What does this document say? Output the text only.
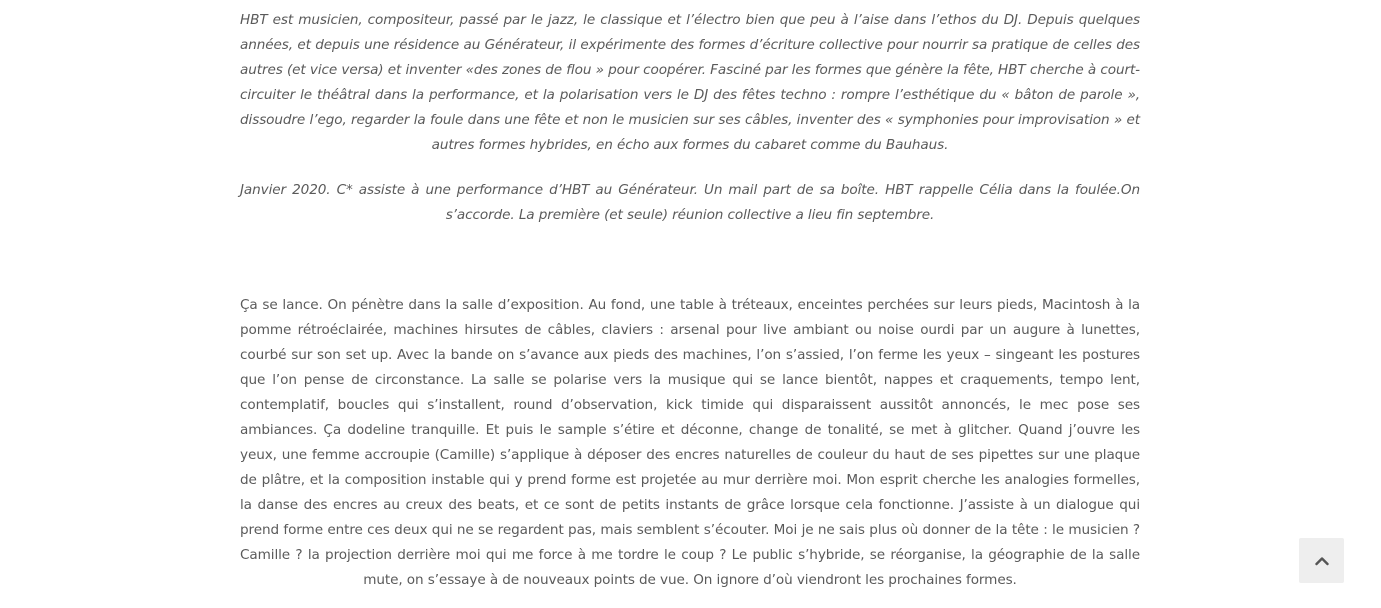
HBT est musicien, compositeur, passé par le jazz, le classique et l’électro bien que peu à l’aise dans l’ethos du DJ. Depuis quelques années, et depuis une résidence au Générateur, il expérimente des formes d’écriture collective pour nourrir sa pratique de celles des autres (et vice versa) et inventer «des zones de flou » pour coopérer. Fasciné par les formes que génère la fête, HBT cherche à court-circuiter le théâtral dans la performance, et la polarisation vers le DJ des fêtes techno : rompre l’esthétique du « bâton de parole », dissoudre l’ego, regarder la foule dans une fête et non le musicien sur ses câbles, inventer des « symphonies pour improvisation » et autres formes hybrides, en écho aux formes du cabaret comme du Bauhaus.

Janvier 2020. C* assiste à une performance d’HBT au Générateur. Un mail part de sa boîte. HBT rappelle Célia dans la foulée.On s’accorde. La première (et seule) réunion collective a lieu fin septembre.

Ça se lance. On pénètre dans la salle d’exposition. Au fond, une table à tréteaux, enceintes perchées sur leurs pieds, Macintosh à la pomme rétroéclairée, machines hirsutes de câbles, claviers : arsenal pour live ambiant ou noise ourdi par un augure à lunettes, courbé sur son set up. Avec la bande on s’avance aux pieds des machines, l’on s’assied, l’on ferme les yeux – singeant les postures que l’on pense de circonstance. La salle se polarise vers la musique qui se lance bientôt, nappes et craquements, tempo lent, contemplatif, boucles qui s’installent, round d’observation, kick timide qui disparaissent aussitôt annoncés, le mec pose ses ambiances. Ça dodeline tranquille. Et puis le sample s’étire et déconne, change de tonalité, se met à glitcher. Quand j’ouvre les yeux, une femme accroupie (Camille) s’applique à déposer des encres naturelles de couleur du haut de ses pipettes sur une plaque de plâtre, et la composition instable qui y prend forme est projetée au mur derrière moi. Mon esprit cherche les analogies formelles, la danse des encres au creux des beats, et ce sont de petits instants de grâce lorsque cela fonctionne. J’assiste à un dialogue qui prend forme entre ces deux qui ne se regardent pas, mais semblent s’écouter. Moi je ne sais plus où donner de la tête : le musicien ? Camille ? la projection derrière moi qui me force à me tordre le coup ? Le public s’hybride, se réorganise, la géographie de la salle mute, on s’essaye à de nouveaux points de vue. On ignore d’où viendront les prochaines formes.
